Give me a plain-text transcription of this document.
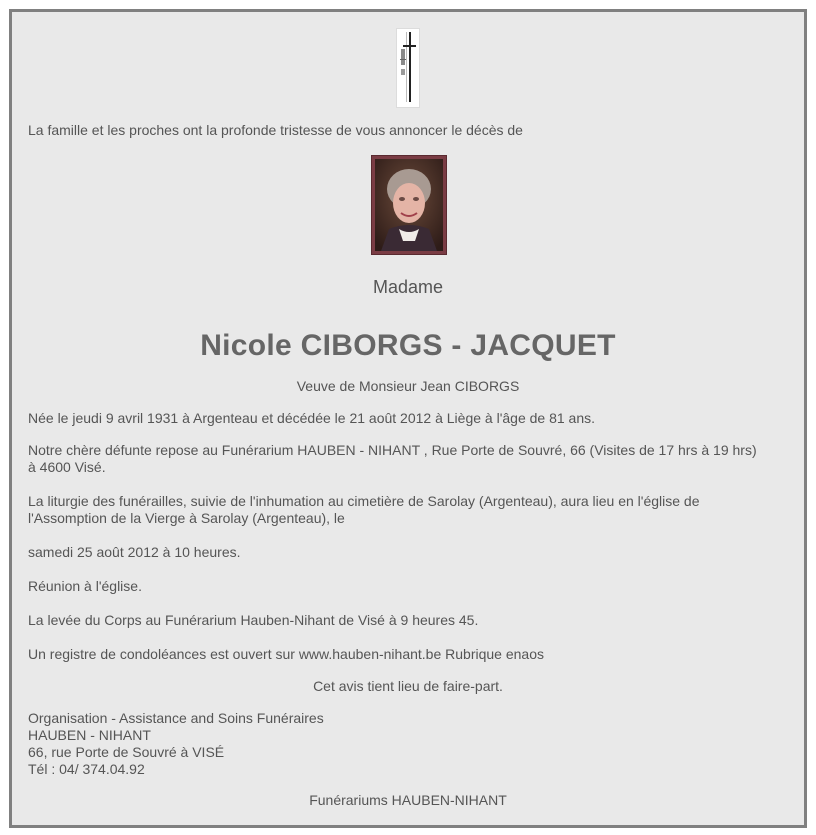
La famille et les proches ont la profonde tristesse de vous annoncer le décès de
Madame
Nicole CIBORGS - JACQUET
Veuve de Monsieur Jean CIBORGS
Née le jeudi 9 avril 1931 à Argenteau et décédée le 21 août 2012 à Liège à l'âge de 81 ans.
Notre chère défunte repose au Funérarium HAUBEN - NIHANT , Rue Porte de Souvré, 66 (Visites de 17 hrs à 19 hrs)
à 4600 Visé.
La liturgie des funérailles, suivie de l'inhumation au cimetière de Sarolay (Argenteau), aura lieu en l'église de
l'Assomption de la Vierge à Sarolay (Argenteau), le
samedi 25 août 2012 à 10 heures.
Réunion à l'église.
La levée du Corps au Funérarium Hauben-Nihant de Visé à 9 heures 45.
Un registre de condoléances est ouvert sur www.hauben-nihant.be Rubrique enaos
Cet avis tient lieu de faire-part.
Organisation - Assistance and Soins Funéraires
HAUBEN - NIHANT
66, rue Porte de Souvré à VISÉ
Tél : 04/ 374.04.92
Funérariums HAUBEN-NIHANT
